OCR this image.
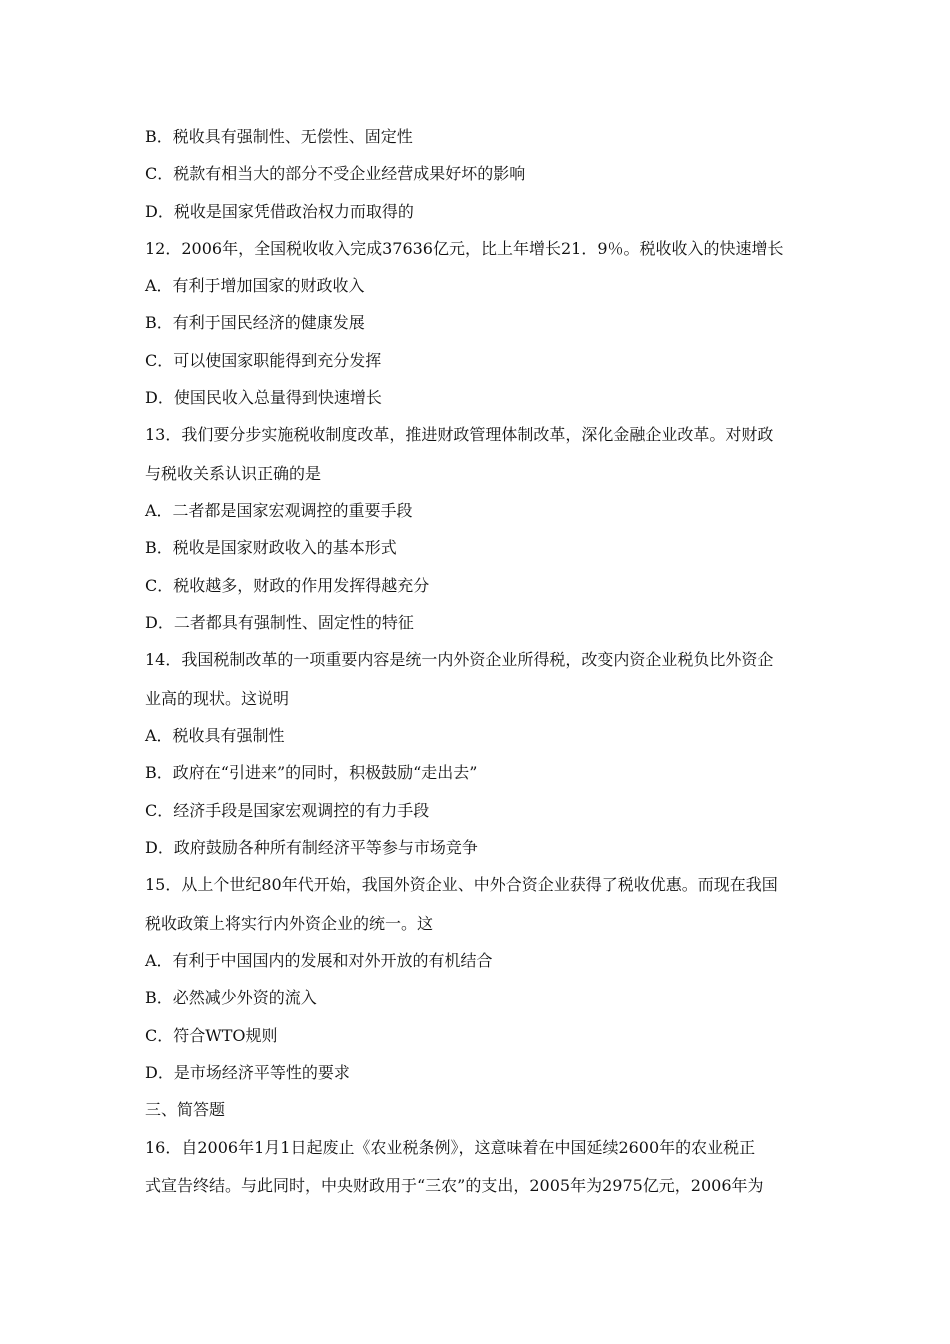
B．税收具有强制性、无偿性、固定性
C．税款有相当大的部分不受企业经营成果好坏的影响
D．税收是国家凭借政治权力而取得的
12．2006年，全国税收收入完成37636亿元，比上年增长21．9％。税收收入的快速增长
A．有利于增加国家的财政收入
B．有利于国民经济的健康发展
C．可以使国家职能得到充分发挥
D．使国民收入总量得到快速增长
13．我们要分步实施税收制度改革，推进财政管理体制改革，深化金融企业改革。对财政
与税收关系认识正确的是
A．二者都是国家宏观调控的重要手段
B．税收是国家财政收入的基本形式
C．税收越多，财政的作用发挥得越充分
D．二者都具有强制性、固定性的特征
14．我国税制改革的一项重要内容是统一内外资企业所得税，改变内资企业税负比外资企
业高的现状。这说明
A．税收具有强制性
B．政府在“引进来”的同时，积极鼓励“走出去”
C．经济手段是国家宏观调控的有力手段
D．政府鼓励各种所有制经济平等参与市场竞争
15．从上个世纪80年代开始，我国外资企业、中外合资企业获得了税收优惠。而现在我国
税收政策上将实行内外资企业的统一。这
A．有利于中国国内的发展和对外开放的有机结合
B．必然减少外资的流入
C．符合WTO规则
D．是市场经济平等性的要求
三、简答题
16．自2006年1月1日起废止《农业税条例》，这意味着在中国延续2600年的农业税正
式宣告终结。与此同时，中央财政用于“三农”的支出，2005年为2975亿元，2006年为
